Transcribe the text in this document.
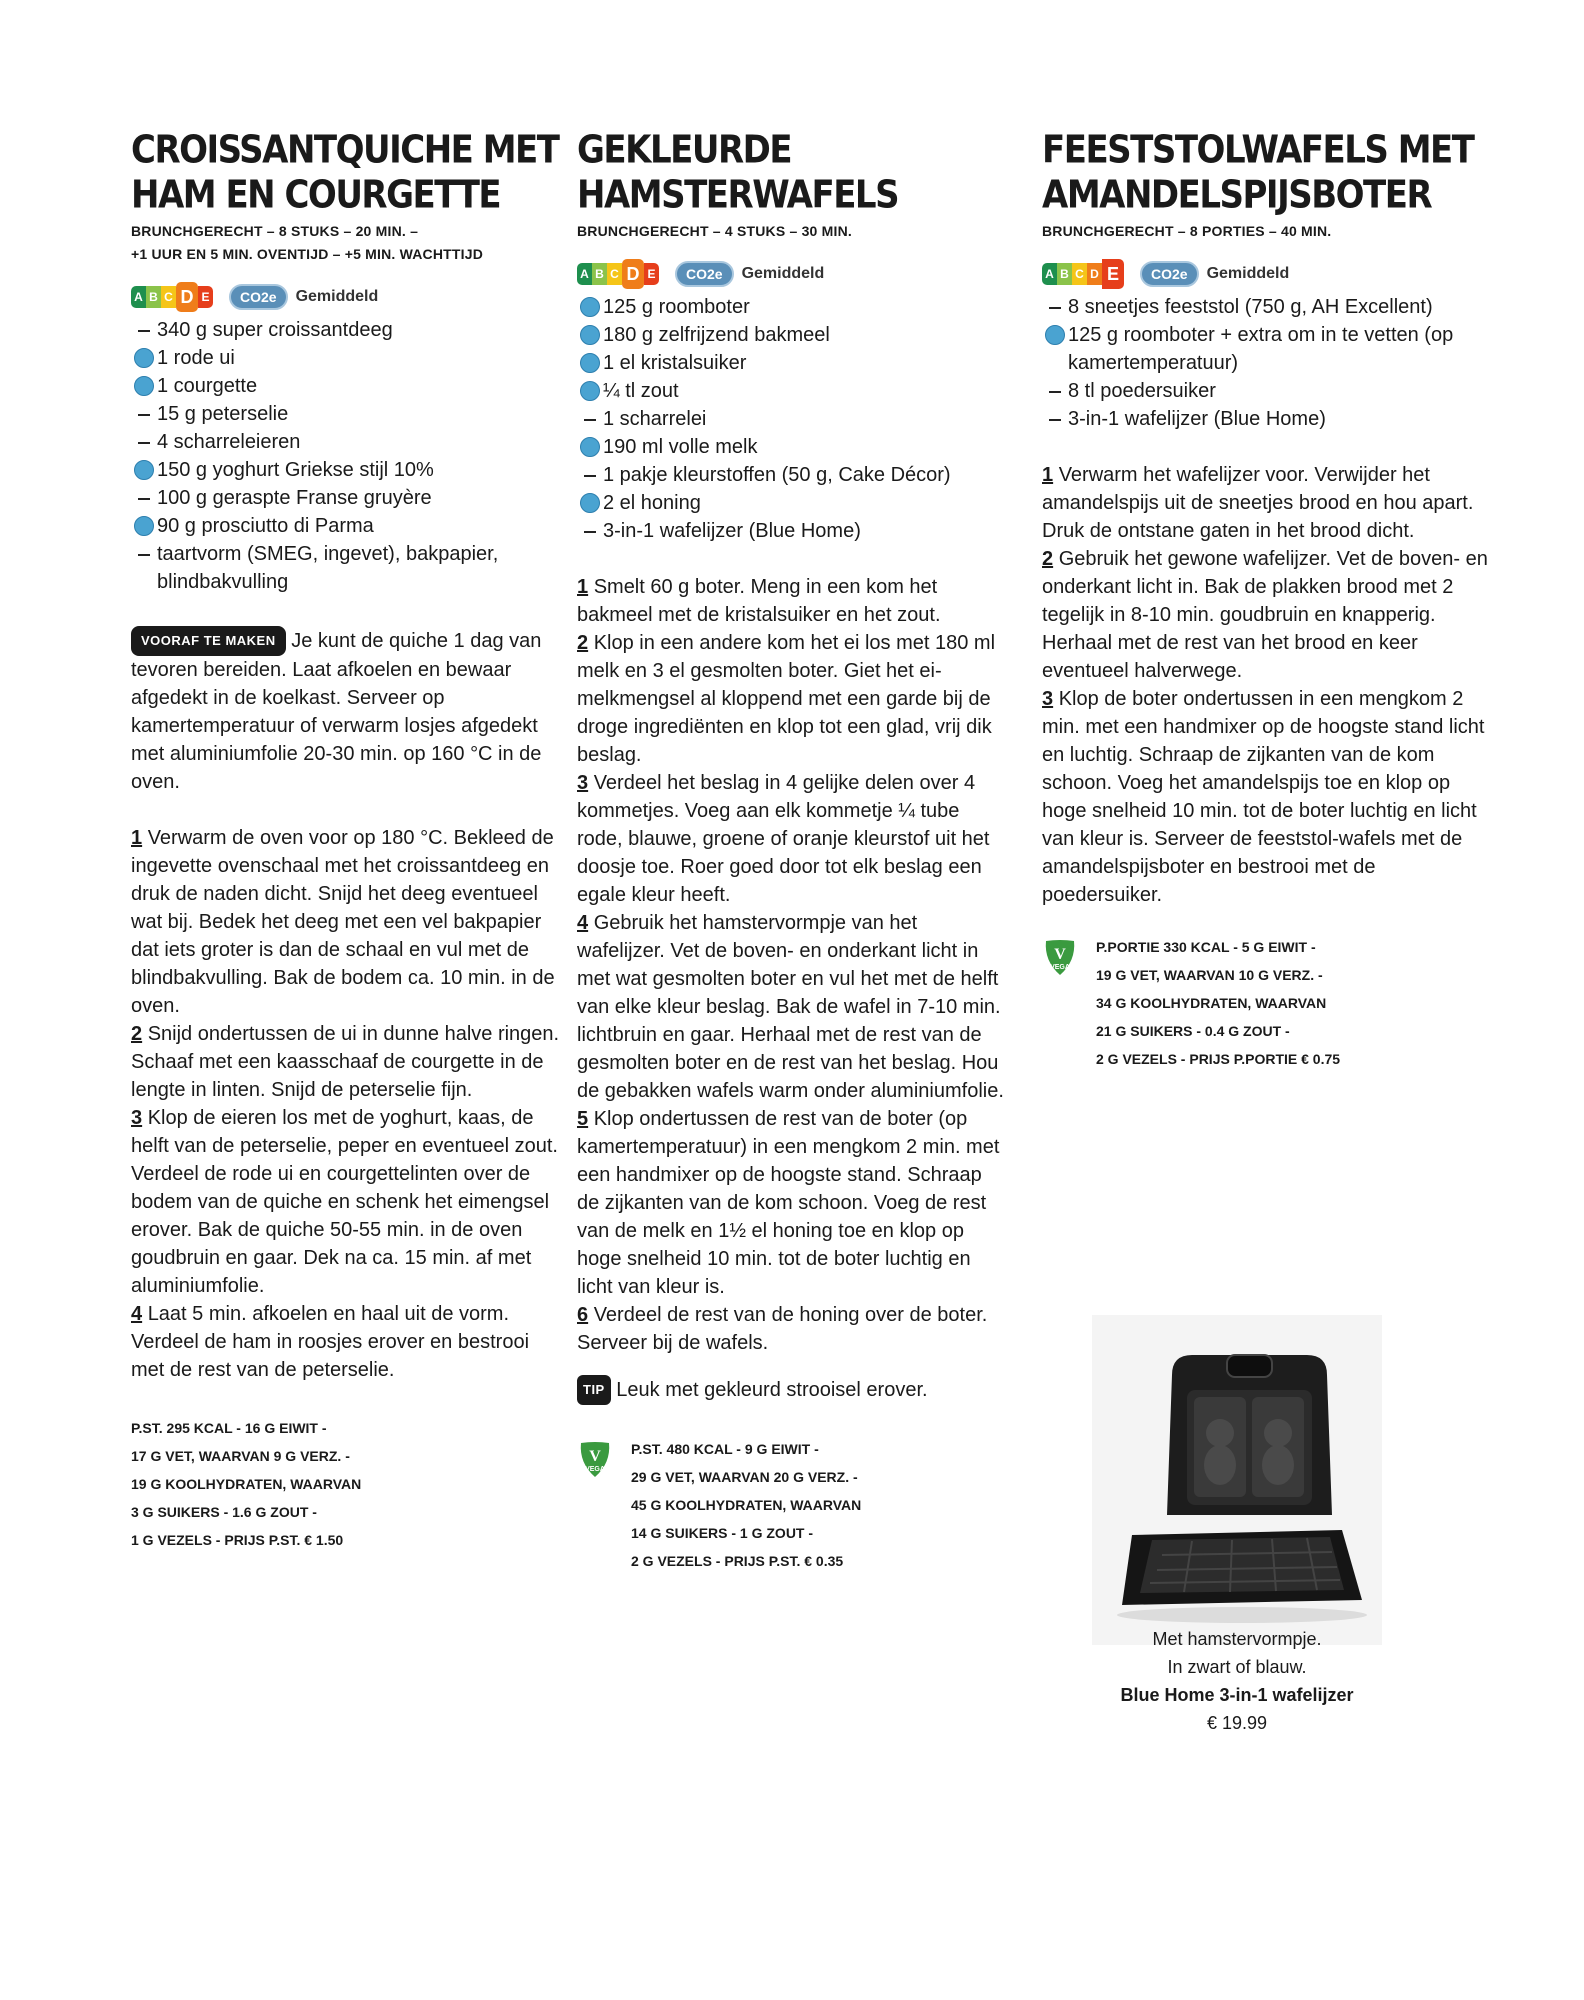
CROISSANTQUICHE MET HAM EN COURGETTE
BRUNCHGERECHT – 8 STUKS – 20 MIN. –
+1 UUR EN 5 MIN. OVENTIJD – +5 MIN. WACHTTIJD
A B C D E	CO2e	Gemiddeld
340 g super croissantdeeg
1 rode ui
1 courgette
15 g peterselie
4 scharreleieren
150 g yoghurt Griekse stijl 10%
100 g geraspte Franse gruyère
90 g prosciutto di Parma
taartvorm (SMEG, ingevet), bakpapier, blindbakvulling

VOORAF TE MAKEN Je kunt de quiche 1 dag van tevoren bereiden. Laat afkoelen en bewaar afgedekt in de koelkast. Serveer op kamertemperatuur of verwarm losjes afgedekt met aluminiumfolie 20-30 min. op 160 °C in de oven.

1 Verwarm de oven voor op 180 °C. Bekleed de ingevette ovenschaal met het croissantdeeg en druk de naden dicht. Snijd het deeg eventueel wat bij. Bedek het deeg met een vel bakpapier dat iets groter is dan de schaal en vul met de blindbakvulling. Bak de bodem ca. 10 min. in de oven.

2 Snijd ondertussen de ui in dunne halve ringen. Schaaf met een kaasschaaf de courgette in de lengte in linten. Snijd de peterselie fijn.

3 Klop de eieren los met de yoghurt, kaas, de helft van de peterselie, peper en eventueel zout. Verdeel de rode ui en courgettelinten over de bodem van de quiche en schenk het eimengsel erover. Bak de quiche 50-55 min. in de oven goudbruin en gaar. Dek na ca. 15 min. af met aluminiumfolie.

4 Laat 5 min. afkoelen en haal uit de vorm. Verdeel de ham in roosjes erover en bestrooi met de rest van de peterselie.

P.ST. 295 KCAL - 16 G EIWIT -
17 G VET, WAARVAN 9 G VERZ. -
19 G KOOLHYDRATEN, WAARVAN
3 G SUIKERS - 1.6 G ZOUT -
1 G VEZELS - PRIJS P.ST. € 1.50
GEKLEURDE HAMSTERWAFELS
BRUNCHGERECHT – 4 STUKS – 30 MIN.
A B C D E	CO2e	Gemiddeld
125 g roomboter
180 g zelfrijzend bakmeel
1 el kristalsuiker
¼ tl zout
1 scharrelei
190 ml volle melk
1 pakje kleurstoffen (50 g, Cake Décor)
2 el honing
3-in-1 wafelijzer (Blue Home)

1 Smelt 60 g boter. Meng in een kom het bakmeel met de kristalsuiker en het zout.

2 Klop in een andere kom het ei los met 180 ml melk en 3 el gesmolten boter. Giet het ei-melkmengsel al kloppend met een garde bij de droge ingrediënten en klop tot een glad, vrij dik beslag.

3 Verdeel het beslag in 4 gelijke delen over 4 kommetjes. Voeg aan elk kommetje ¼ tube rode, blauwe, groene of oranje kleurstof uit het doosje toe. Roer goed door tot elk beslag een egale kleur heeft.

4 Gebruik het hamstervormpje van het wafelijzer. Vet de boven- en onderkant licht in met wat gesmolten boter en vul het met de helft van elke kleur beslag. Bak de wafel in 7-10 min. lichtbruin en gaar. Herhaal met de rest van de gesmolten boter en de rest van het beslag. Hou de gebakken wafels warm onder aluminiumfolie.

5 Klop ondertussen de rest van de boter (op kamertemperatuur) in een mengkom 2 min. met een handmixer op de hoogste stand. Schraap de zijkanten van de kom schoon. Voeg de rest van de melk en 1½ el honing toe en klop op hoge snelheid 10 min. tot de boter luchtig en licht van kleur is.

6 Verdeel de rest van de honing over de boter. Serveer bij de wafels.

TIP Leuk met gekleurd strooisel erover.

V
VEGA
P.ST. 480 KCAL - 9 G EIWIT -
29 G VET, WAARVAN 20 G VERZ. -
45 G KOOLHYDRATEN, WAARVAN
14 G SUIKERS - 1 G ZOUT -
2 G VEZELS - PRIJS P.ST. € 0.35
FEESTSTOLWAFELS MET AMANDELSPIJSBOTER
BRUNCHGERECHT – 8 PORTIES – 40 MIN.
A B C D E	CO2e	Gemiddeld
8 sneetjes feeststol (750 g, AH Excellent)
125 g roomboter + extra om in te vetten (op kamertemperatuur)
8 tl poedersuiker
3-in-1 wafelijzer (Blue Home)

1 Verwarm het wafelijzer voor. Verwijder het amandelspijs uit de sneetjes brood en hou apart. Druk de ontstane gaten in het brood dicht.

2 Gebruik het gewone wafelijzer. Vet de boven- en onderkant licht in. Bak de plakken brood met 2 tegelijk in 8-10 min. goudbruin en knapperig. Herhaal met de rest van het brood en keer eventueel halverwege.

3 Klop de boter ondertussen in een mengkom 2 min. met een handmixer op de hoogste stand licht en luchtig. Schraap de zijkanten van de kom schoon. Voeg het amandelspijs toe en klop op hoge snelheid 10 min. tot de boter luchtig en licht van kleur is. Serveer de feeststol-wafels met de amandelspijsboter en bestrooi met de poedersuiker.

V
VEGA
P.PORTIE 330 KCAL - 5 G EIWIT -
19 G VET, WAARVAN 10 G VERZ. -
34 G KOOLHYDRATEN, WAARVAN
21 G SUIKERS - 0.4 G ZOUT -
2 G VEZELS - PRIJS P.PORTIE € 0.75
Met hamstervormpje.
In zwart of blauw.
Blue Home 3-in-1 wafelijzer
€ 19.99
